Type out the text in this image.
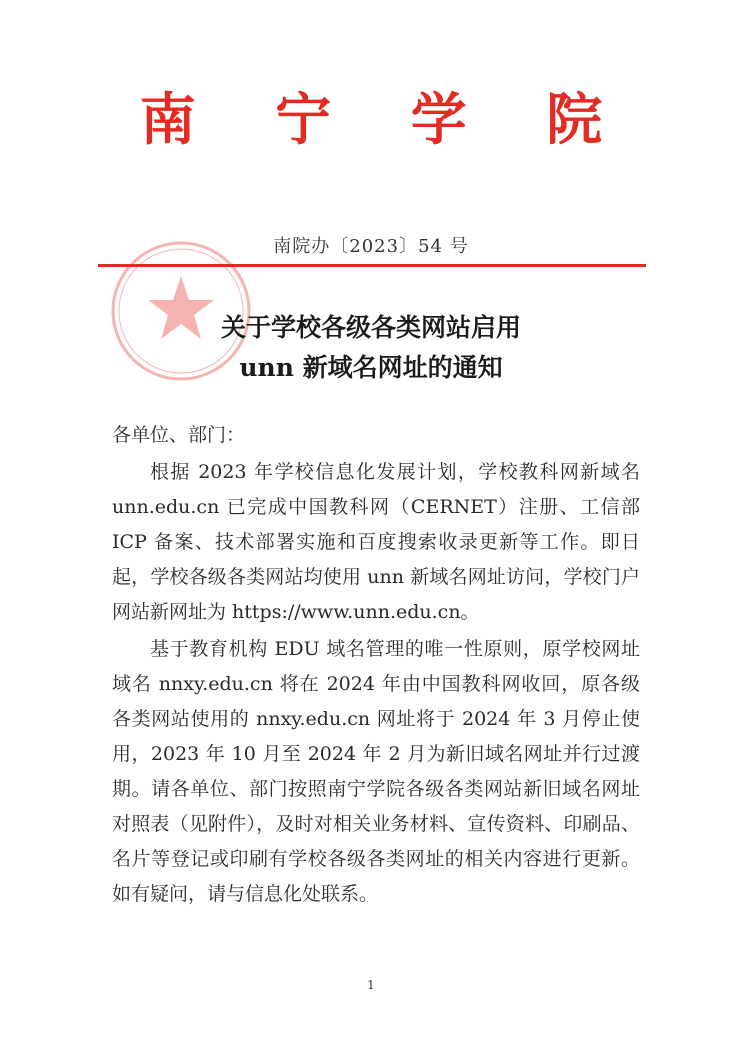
南 宁 学 院
南院办〔2023〕54 号
关于学校各级各类网站启用
unn 新域名网址的通知
各单位、部门：
根据 2023 年学校信息化发展计划，学校教科网新域名 unn.edu.cn 已完成中国教科网（CERNET）注册、工信部 ICP 备案、技术部署实施和百度搜索收录更新等工作。即日起，学校各级各类网站均使用 unn 新域名网址访问，学校门户网站新网址为 https://www.unn.edu.cn。
基于教育机构 EDU 域名管理的唯一性原则，原学校网址域名 nnxy.edu.cn 将在 2024 年由中国教科网收回，原各级各类网站使用的 nnxy.edu.cn 网址将于 2024 年 3 月停止使用，2023 年 10 月至 2024 年 2 月为新旧域名网址并行过渡期。请各单位、部门按照南宁学院各级各类网站新旧域名网址对照表（见附件），及时对相关业务材料、宣传资料、印刷品、名片等登记或印刷有学校各级各类网址的相关内容进行更新。如有疑问，请与信息化处联系。
1
